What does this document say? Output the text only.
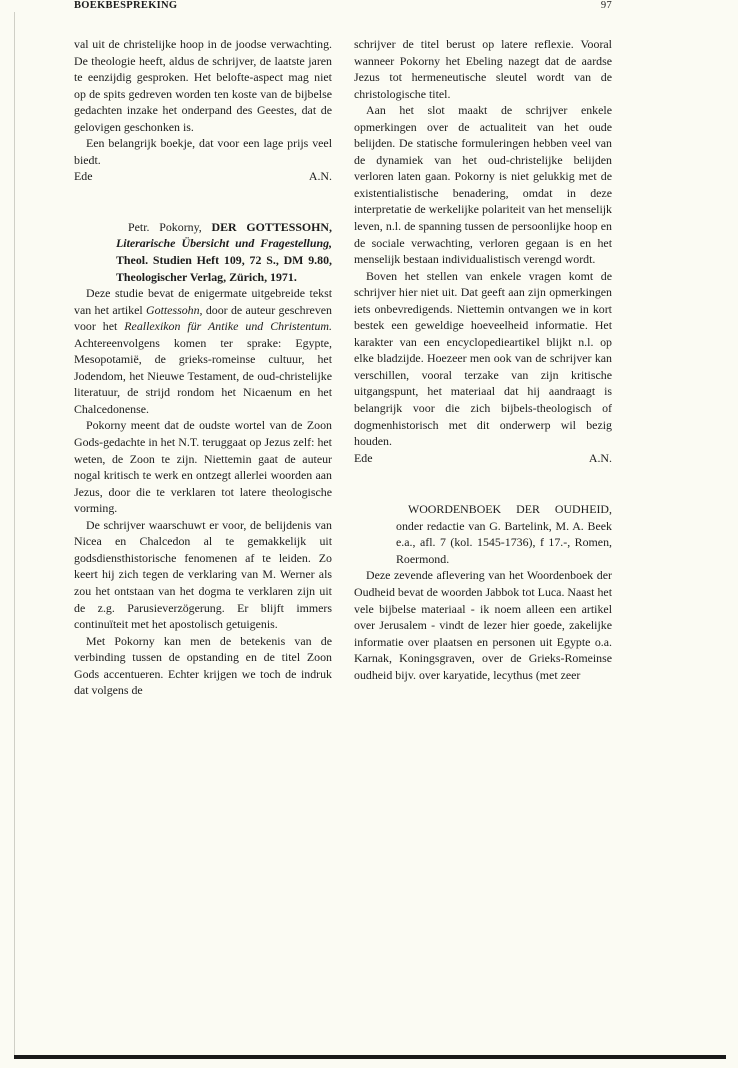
BOEKBESPREKING	97

val uit de christelijke hoop in de joodse verwachting. De theologie heeft, aldus de schrijver, de laatste jaren te eenzijdig gesproken. Het belofte-aspect mag niet op de spits gedreven worden ten koste van de bijbelse gedachten inzake het onderpand des Geestes, dat de gelovigen geschonken is.

Een belangrijk boekje, dat voor een lage prijs veel biedt.

Ede	A.N.

Petr. Pokorny, DER GOTTESSOHN, Literarische Übersicht und Fragestellung, Theol. Studien Heft 109, 72 S., DM 9.80, Theologischer Verlag, Zürich, 1971.

Deze studie bevat de enigermate uitgebreide tekst van het artikel Gottessohn, door de auteur geschreven voor het Reallexikon für Antike und Christentum. Achtereenvolgens komen ter sprake: Egypte, Mesopotamië, de grieks-romeinse cultuur, het Jodendom, het Nieuwe Testament, de oud-christelijke literatuur, de strijd rondom het Nicaenum en het Chalcedonense.

Pokorny meent dat de oudste wortel van de Zoon Gods-gedachte in het N.T. teruggaat op Jezus zelf: het weten, de Zoon te zijn. Niettemin gaat de auteur nogal kritisch te werk en ontzegt allerlei woorden aan Jezus, door die te verklaren tot latere theologische vorming.

De schrijver waarschuwt er voor, de belijdenis van Nicea en Chalcedon al te gemakkelijk uit godsdiensthistorische fenomenen af te leiden. Zo keert hij zich tegen de verklaring van M. Werner als zou het ontstaan van het dogma te verklaren zijn uit de z.g. Parusieverzögerung. Er blijft immers continuïteit met het apostolisch getuigenis.

Met Pokorny kan men de betekenis van de verbinding tussen de opstanding en de titel Zoon Gods accentueren. Echter krijgen we toch de indruk dat volgens de

schrijver de titel berust op latere reflexie. Vooral wanneer Pokorny het Ebeling nazegt dat de aardse Jezus tot hermeneutische sleutel wordt van de christologische titel.

Aan het slot maakt de schrijver enkele opmerkingen over de actualiteit van het oude belijden. De statische formuleringen hebben veel van de dynamiek van het oud-christelijke belijden verloren laten gaan. Pokorny is niet gelukkig met de existentialistische benadering, omdat in deze interpretatie de werkelijke polariteit van het menselijk leven, n.l. de spanning tussen de persoonlijke hoop en de sociale verwachting, verloren gegaan is en het menselijk bestaan individualistisch verengd wordt.

Boven het stellen van enkele vragen komt de schrijver hier niet uit. Dat geeft aan zijn opmerkingen iets onbevredigends. Niettemin ontvangen we in kort bestek een geweldige hoeveelheid informatie. Het karakter van een encyclopedieartikel blijkt n.l. op elke bladzijde. Hoezeer men ook van de schrijver kan verschillen, vooral terzake van zijn kritische uitgangspunt, het materiaal dat hij aandraagt is belangrijk voor die zich bijbels-theologisch of dogmenhistorisch met dit onderwerp wil bezig houden.

Ede	A.N.

WOORDENBOEK DER OUDHEID, onder redactie van G. Bartelink, M. A. Beek e.a., afl. 7 (kol. 1545-1736), f 17.-, Romen, Roermond.

Deze zevende aflevering van het Woordenboek der Oudheid bevat de woorden Jabbok tot Luca. Naast het vele bijbelse materiaal - ik noem alleen een artikel over Jerusalem - vindt de lezer hier goede, zakelijke informatie over plaatsen en personen uit Egypte o.a. Karnak, Koningsgraven, over de Grieks-Romeinse oudheid bijv. over karyatide, lecythus (met zeer
